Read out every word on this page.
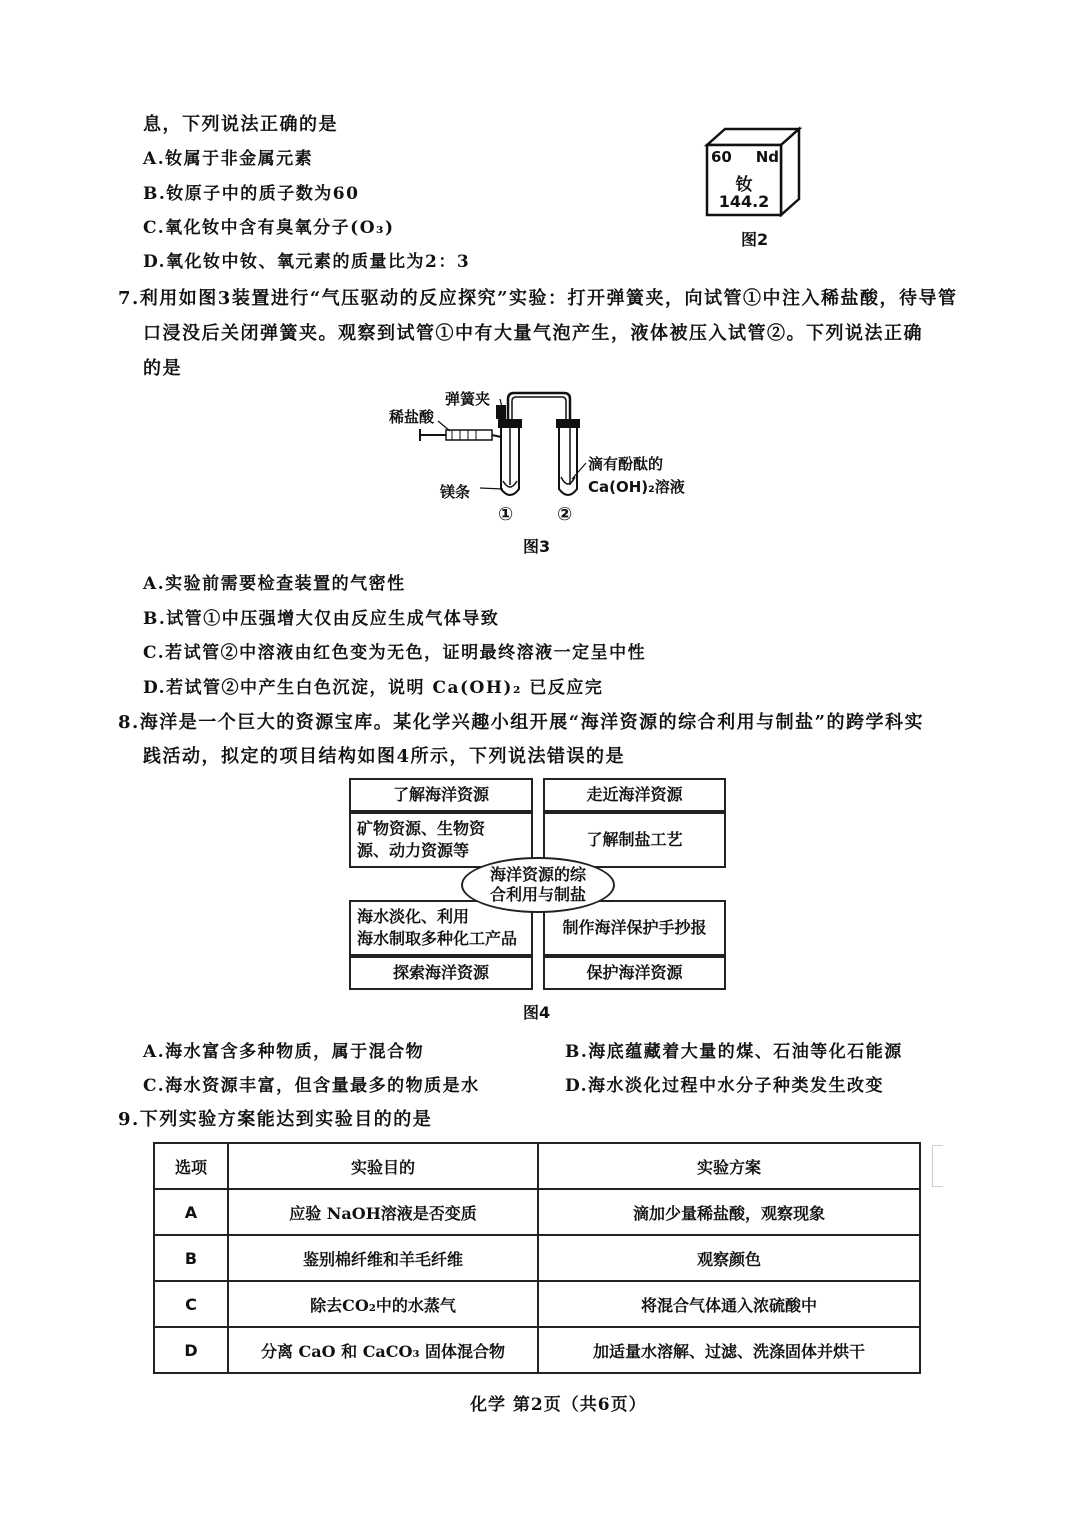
息，下列说法正确的是
A.钕属于非金属元素
B.钕原子中的质子数为60
C.氧化钕中含有臭氧分子(O₃)
D.氧化钕中钕、氧元素的质量比为2：3
60 Nd
钕
144.2
图2
7.利用如图3装置进行“气压驱动的反应探究”实验：打开弹簧夹，向试管①中注入稀盐酸，待导管
口浸没后关闭弹簧夹。观察到试管①中有大量气泡产生，液体被压入试管②。下列说法正确
的是
稀盐酸
弹簧夹
镁条
滴有酚酞的
Ca(OH)₂溶液
① ②
图3
A.实验前需要检查装置的气密性
B.试管①中压强增大仅由反应生成气体导致
C.若试管②中溶液由红色变为无色，证明最终溶液一定呈中性
D.若试管②中产生白色沉淀，说明 Ca(OH)₂ 已反应完
8.海洋是一个巨大的资源宝库。某化学兴趣小组开展“海洋资源的综合利用与制盐”的跨学科实
践活动，拟定的项目结构如图4所示，下列说法错误的是
了解海洋资源
矿物资源、生物资
源、动力资源等
走近海洋资源
了解制盐工艺
海水淡化、利用
海水制取多种化工产品
探索海洋资源
制作海洋保护手抄报
保护海洋资源
海洋资源的综
合利用与制盐
图4
A.海水富含多种物质，属于混合物	B.海底蕴藏着大量的煤、石油等化石能源
C.海水资源丰富，但含量最多的物质是水	D.海水淡化过程中水分子种类发生改变
9.下列实验方案能达到实验目的的是
选项	实验目的	实验方案
A	应验 NaOH溶液是否变质	滴加少量稀盐酸，观察现象
B	鉴别棉纤维和羊毛纤维	观察颜色
C	除去CO₂中的水蒸气	将混合气体通入浓硫酸中
D	分离 CaO 和 CaCO₃ 固体混合物	加适量水溶解、过滤、洗涤固体并烘干
化学 第2页（共6页）
